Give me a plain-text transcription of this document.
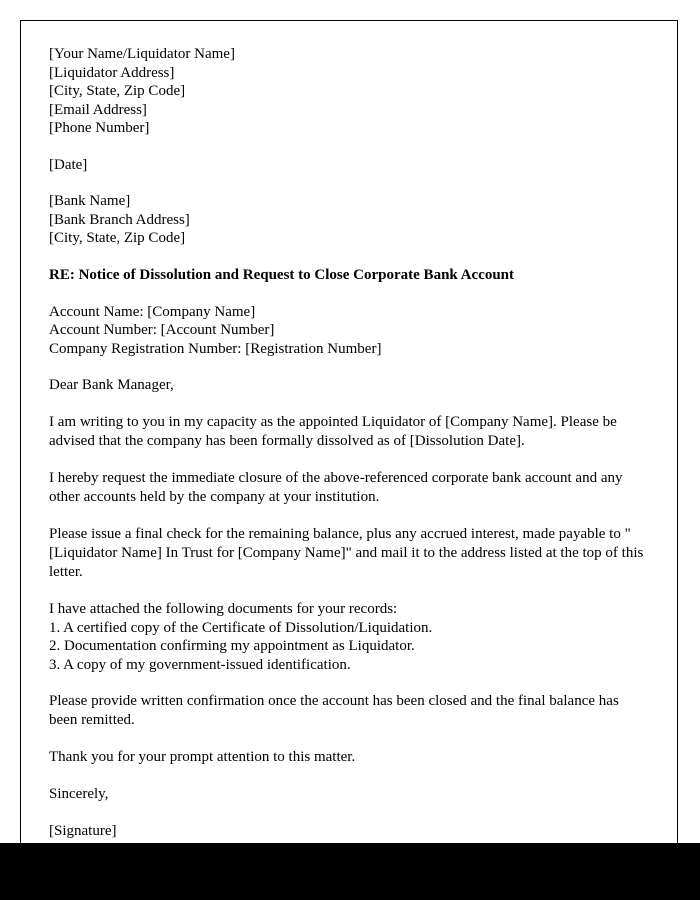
[Your Name/Liquidator Name]
[Liquidator Address]
[City, State, Zip Code]
[Email Address]
[Phone Number]
[Date]
[Bank Name]
[Bank Branch Address]
[City, State, Zip Code]
RE: Notice of Dissolution and Request to Close Corporate Bank Account
Account Name: [Company Name]
Account Number: [Account Number]
Company Registration Number: [Registration Number]
Dear Bank Manager,
I am writing to you in my capacity as the appointed Liquidator of [Company Name]. Please be advised that the company has been formally dissolved as of [Dissolution Date].
I hereby request the immediate closure of the above-referenced corporate bank account and any other accounts held by the company at your institution.
Please issue a final check for the remaining balance, plus any accrued interest, made payable to "[Liquidator Name] In Trust for [Company Name]" and mail it to the address listed at the top of this letter.
I have attached the following documents for your records:
1. A certified copy of the Certificate of Dissolution/Liquidation.
2. Documentation confirming my appointment as Liquidator.
3. A copy of my government-issued identification.
Please provide written confirmation once the account has been closed and the final balance has been remitted.
Thank you for your prompt attention to this matter.
Sincerely,
[Signature]
